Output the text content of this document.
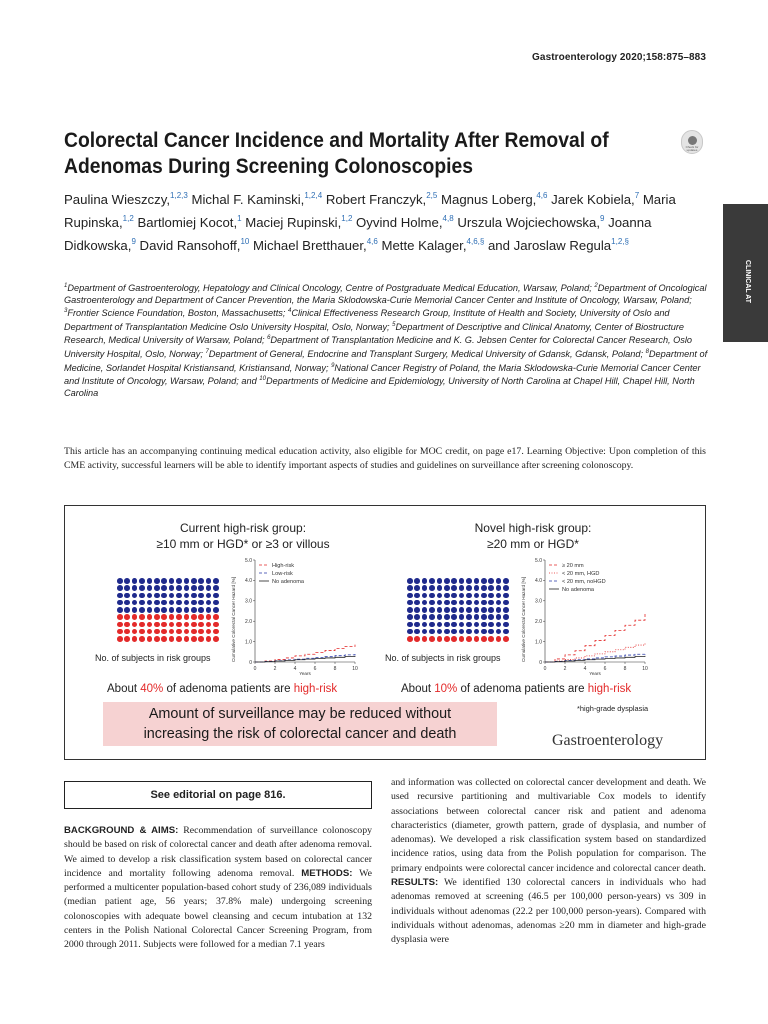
Gastroenterology 2020;158:875–883
Colorectal Cancer Incidence and Mortality After Removal of Adenomas During Screening Colonoscopies
Check for updates
CLINICAL AT
Paulina Wieszczy,$^{1,2,3}$ Michal F. Kaminski,$^{1,2,4}$ Robert Franczyk,$^{2,5}$ Magnus Loberg,$^{4,6}$ Jarek Kobiela,$^7$ Maria Rupinska,$^{1,2}$ Bartlomiej Kocot,$^1$ Maciej Rupinski,$^{1,2}$ Oyvind Holme,$^{4,8}$ Urszula Wojciechowska,$^9$ Joanna Didkowska,$^9$ David Ransohoff,$^{10}$ Michael Bretthauer,$^{4,6}$ Mette Kalager,$^{4,6,\S}$ and Jaroslaw Regula$^{1,2,\S}$
$^1$Department of Gastroenterology, Hepatology and Clinical Oncology, Centre of Postgraduate Medical Education, Warsaw, Poland; $^2$Department of Oncological Gastroenterology and Department of Cancer Prevention, the Maria Sklodowska-Curie Memorial Cancer Center and Institute of Oncology, Warsaw, Poland; $^3$Frontier Science Foundation, Boston, Massachusetts; $^4$Clinical Effectiveness Research Group, Institute of Health and Society, University of Oslo and Department of Transplantation Medicine Oslo University Hospital, Oslo, Norway; $^5$Department of Descriptive and Clinical Anatomy, Center of Biostructure Research, Medical University of Warsaw, Poland; $^6$Department of Transplantation Medicine and K. G. Jebsen Center for Colorectal Cancer Research, Oslo University Hospital, Oslo, Norway; $^7$Department of General, Endocrine and Transplant Surgery, Medical University of Gdansk, Gdansk, Poland; $^8$Department of Medicine, Sorlandet Hospital Kristiansand, Kristiansand, Norway; $^9$National Cancer Registry of Poland, the Maria Sklodowska-Curie Memorial Cancer Center and Institute of Oncology, Warsaw, Poland; and $^{10}$Departments of Medicine and Epidemiology, University of North Carolina at Chapel Hill, Chapel Hill, North Carolina

This article has an accompanying continuing medical education activity, also eligible for MOC credit, on page e17. Learning Objective: Upon completion of this CME activity, successful learners will be able to identify important aspects of studies and guidelines on surveillance after screening colonoscopy.

Current high-risk group:
≥10 mm or HGD* or ≥3 or villous
Novel high-risk group:
≥20 mm or HGD*
No. of subjects in risk groups	No. of subjects in risk groups
Cumulative Colorectal Cancer Hazard [%]
0
1.0
2.0
3.0
4.0
5.0
0	2	4	6	8	10
Years
High-risk
Low-risk
No adenoma	Cumulative Colorectal Cancer Hazard [%]
0
1.0
2.0
3.0
4.0
5.0
0	2	4	6	8	10
Years
≥ 20 mm
< 20 mm, HGD
< 20 mm, noHGD
No adenoma
About 40% of adenoma patients are high-risk	About 10% of adenoma patients are high-risk
Amount of surveillance may be reduced without
increasing the risk of colorectal cancer and death
*high-grade dysplasia
Gastroenterology
See editorial on page 816.
BACKGROUND & AIMS: Recommendation of surveillance colonoscopy should be based on risk of colorectal cancer and death after adenoma removal. We aimed to develop a risk classification system based on colorectal cancer incidence and mortality following adenoma removal. METHODS: We performed a multicenter population-based cohort study of 236,089 individuals (median patient age, 56 years; 37.8% male) undergoing screening colonoscopies with adequate bowel cleansing and cecum intubation at 132 centers in the Polish National Colorectal Cancer Screening Program, from 2000 through 2011. Subjects were followed for a median 7.1 years
and information was collected on colorectal cancer development and death. We used recursive partitioning and multivariable Cox models to identify associations between colorectal cancer risk and patient and adenoma characteristics (diameter, growth pattern, grade of dysplasia, and number of adenomas). We developed a risk classification system based on standardized incidence ratios, using data from the Polish population for comparison. The primary endpoints were colorectal cancer incidence and colorectal cancer death. RESULTS: We identified 130 colorectal cancers in individuals who had adenomas removed at screening (46.5 per 100,000 person-years) vs 309 in individuals without adenomas (22.2 per 100,000 person-years). Compared with individuals without adenomas, adenomas ≥20 mm in diameter and high-grade dysplasia were
